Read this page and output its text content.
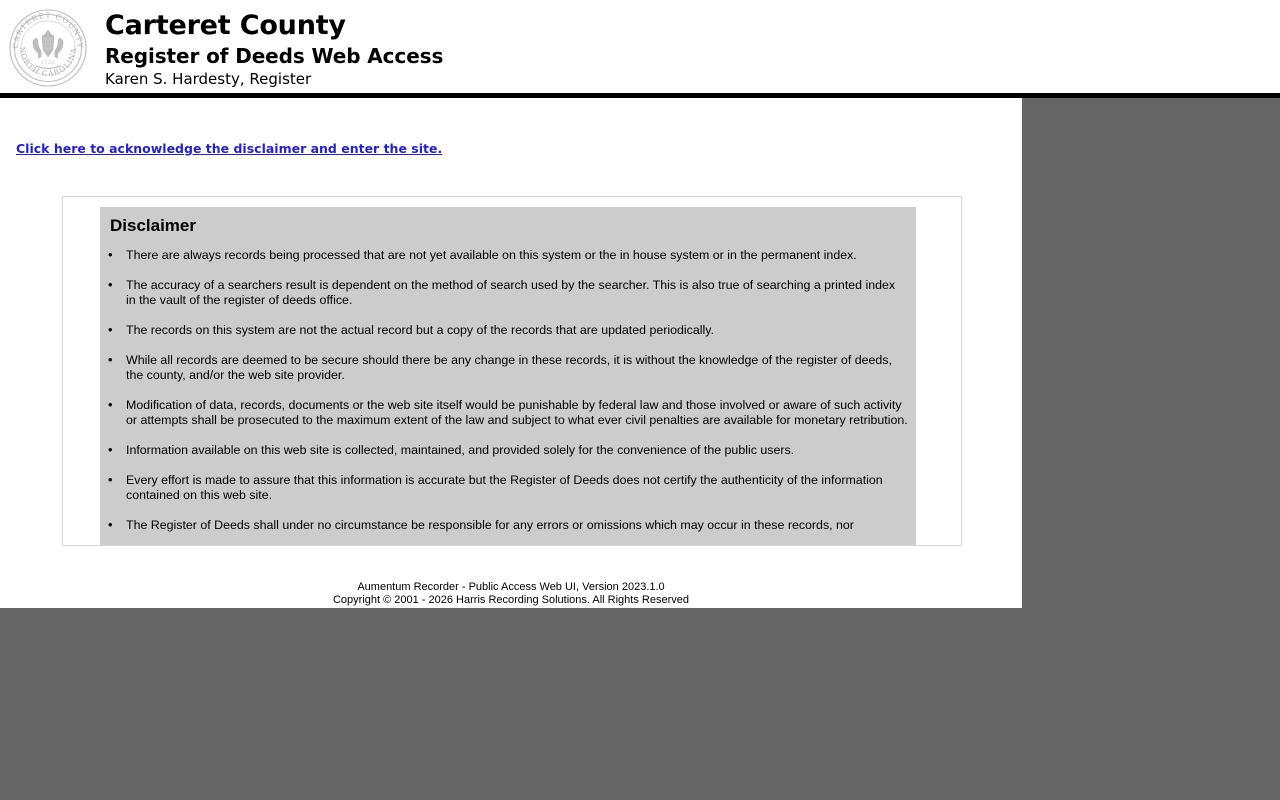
CARTERET COUNTY
NORTH CAROLINA
1722
Carteret County
Register of Deeds Web Access
Karen S. Hardesty, Register
Click here to acknowledge the disclaimer and enter the site.
Disclaimer
• There are always records being processed that are not yet available on this system or the in house system or in the permanent index.
• The accuracy of a searchers result is dependent on the method of search used by the searcher. This is also true of searching a printed index in the vault of the register of deeds office.
• The records on this system are not the actual record but a copy of the records that are updated periodically.
• While all records are deemed to be secure should there be any change in these records, it is without the knowledge of the register of deeds, the county, and/or the web site provider.
• Modification of data, records, documents or the web site itself would be punishable by federal law and those involved or aware of such activity or attempts shall be prosecuted to the maximum extent of the law and subject to what ever civil penalties are available for monetary retribution.
• Information available on this web site is collected, maintained, and provided solely for the convenience of the public users.
• Every effort is made to assure that this information is accurate but the Register of Deeds does not certify the authenticity of the information contained on this web site.
• The Register of Deeds shall under no circumstance be responsible for any errors or omissions which may occur in these records, nor
Aumentum Recorder - Public Access Web UI, Version 2023.1.0
Copyright © 2001 - 2026 Harris Recording Solutions. All Rights Reserved
